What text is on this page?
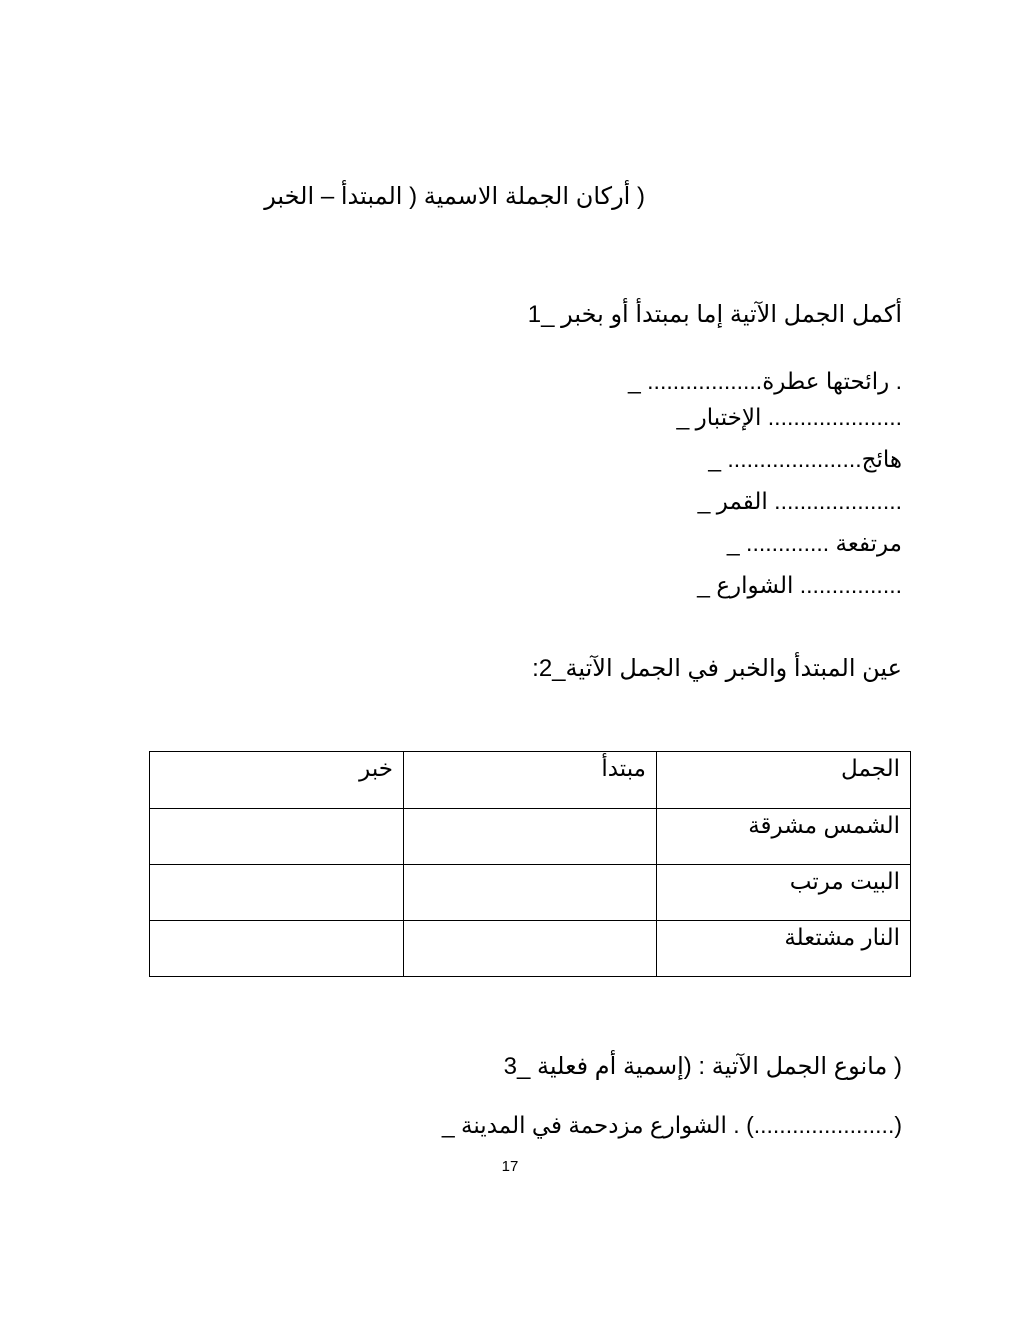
( أركان الجملة الاسمية ( المبتدأ – الخبر
أكمل الجمل الآتية إما بمبتدأ أو بخبر _1
. رائحتها عطرة.................. _
..................... الإختبار _
هائج..................... _
.................... القمر _
مرتفعة ............. _
................ الشوارع _
عين المبتدأ والخبر في الجمل الآتية_2:
الجمل	مبتدأ	خبر
الشمس مشرقة		
البيت مرتب		
النار مشتعلة		
( مانوع الجمل الآتية : (إسمية أم فعلية _3
(......................) . الشوارع مزدحمة في المدينة _
17
